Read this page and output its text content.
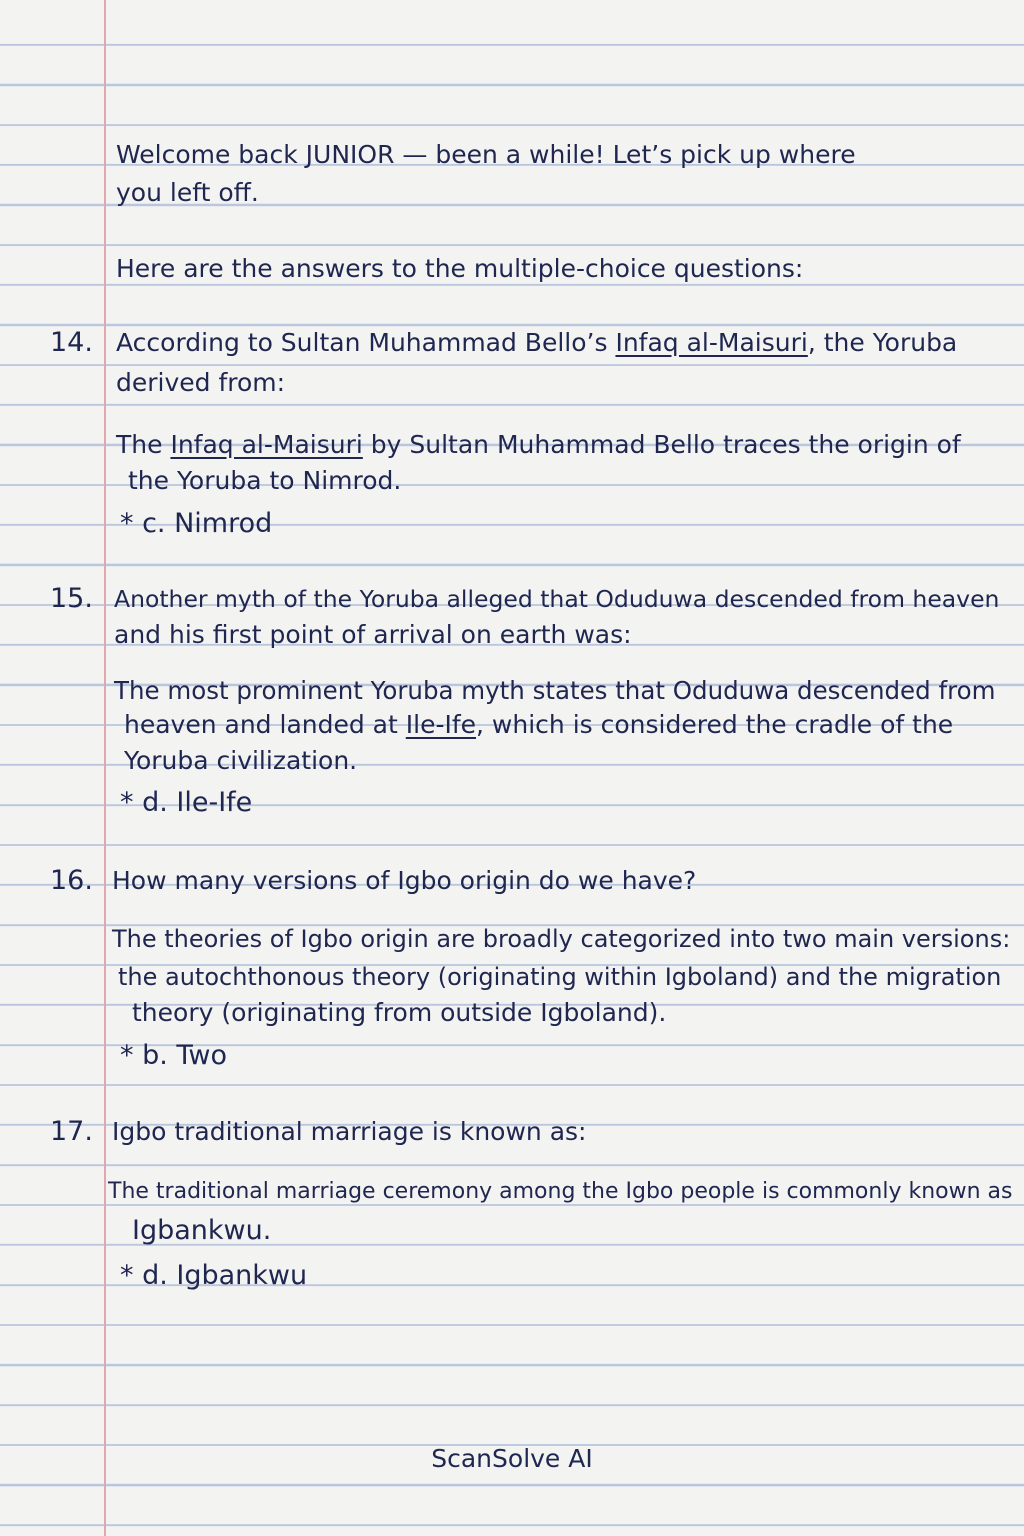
Welcome back JUNIOR — been a while! Let’s pick up where
you left off.
Here are the answers to the multiple-choice questions:
14. According to Sultan Muhammad Bello’s Infaq al-Maisuri, the Yoruba
derived from:
The Infaq al-Maisuri by Sultan Muhammad Bello traces the origin of
the Yoruba to Nimrod.
* c. Nimrod
15. Another myth of the Yoruba alleged that Oduduwa descended from heaven
and his first point of arrival on earth was:
The most prominent Yoruba myth states that Oduduwa descended from
heaven and landed at Ile-Ife, which is considered the cradle of the
Yoruba civilization.
* d. Ile-Ife
16. How many versions of Igbo origin do we have?
The theories of Igbo origin are broadly categorized into two main versions:
the autochthonous theory (originating within Igboland) and the migration
theory (originating from outside Igboland).
* b. Two
17. Igbo traditional marriage is known as:
The traditional marriage ceremony among the Igbo people is commonly known as
Igbankwu.
* d. Igbankwu
ScanSolve AI
